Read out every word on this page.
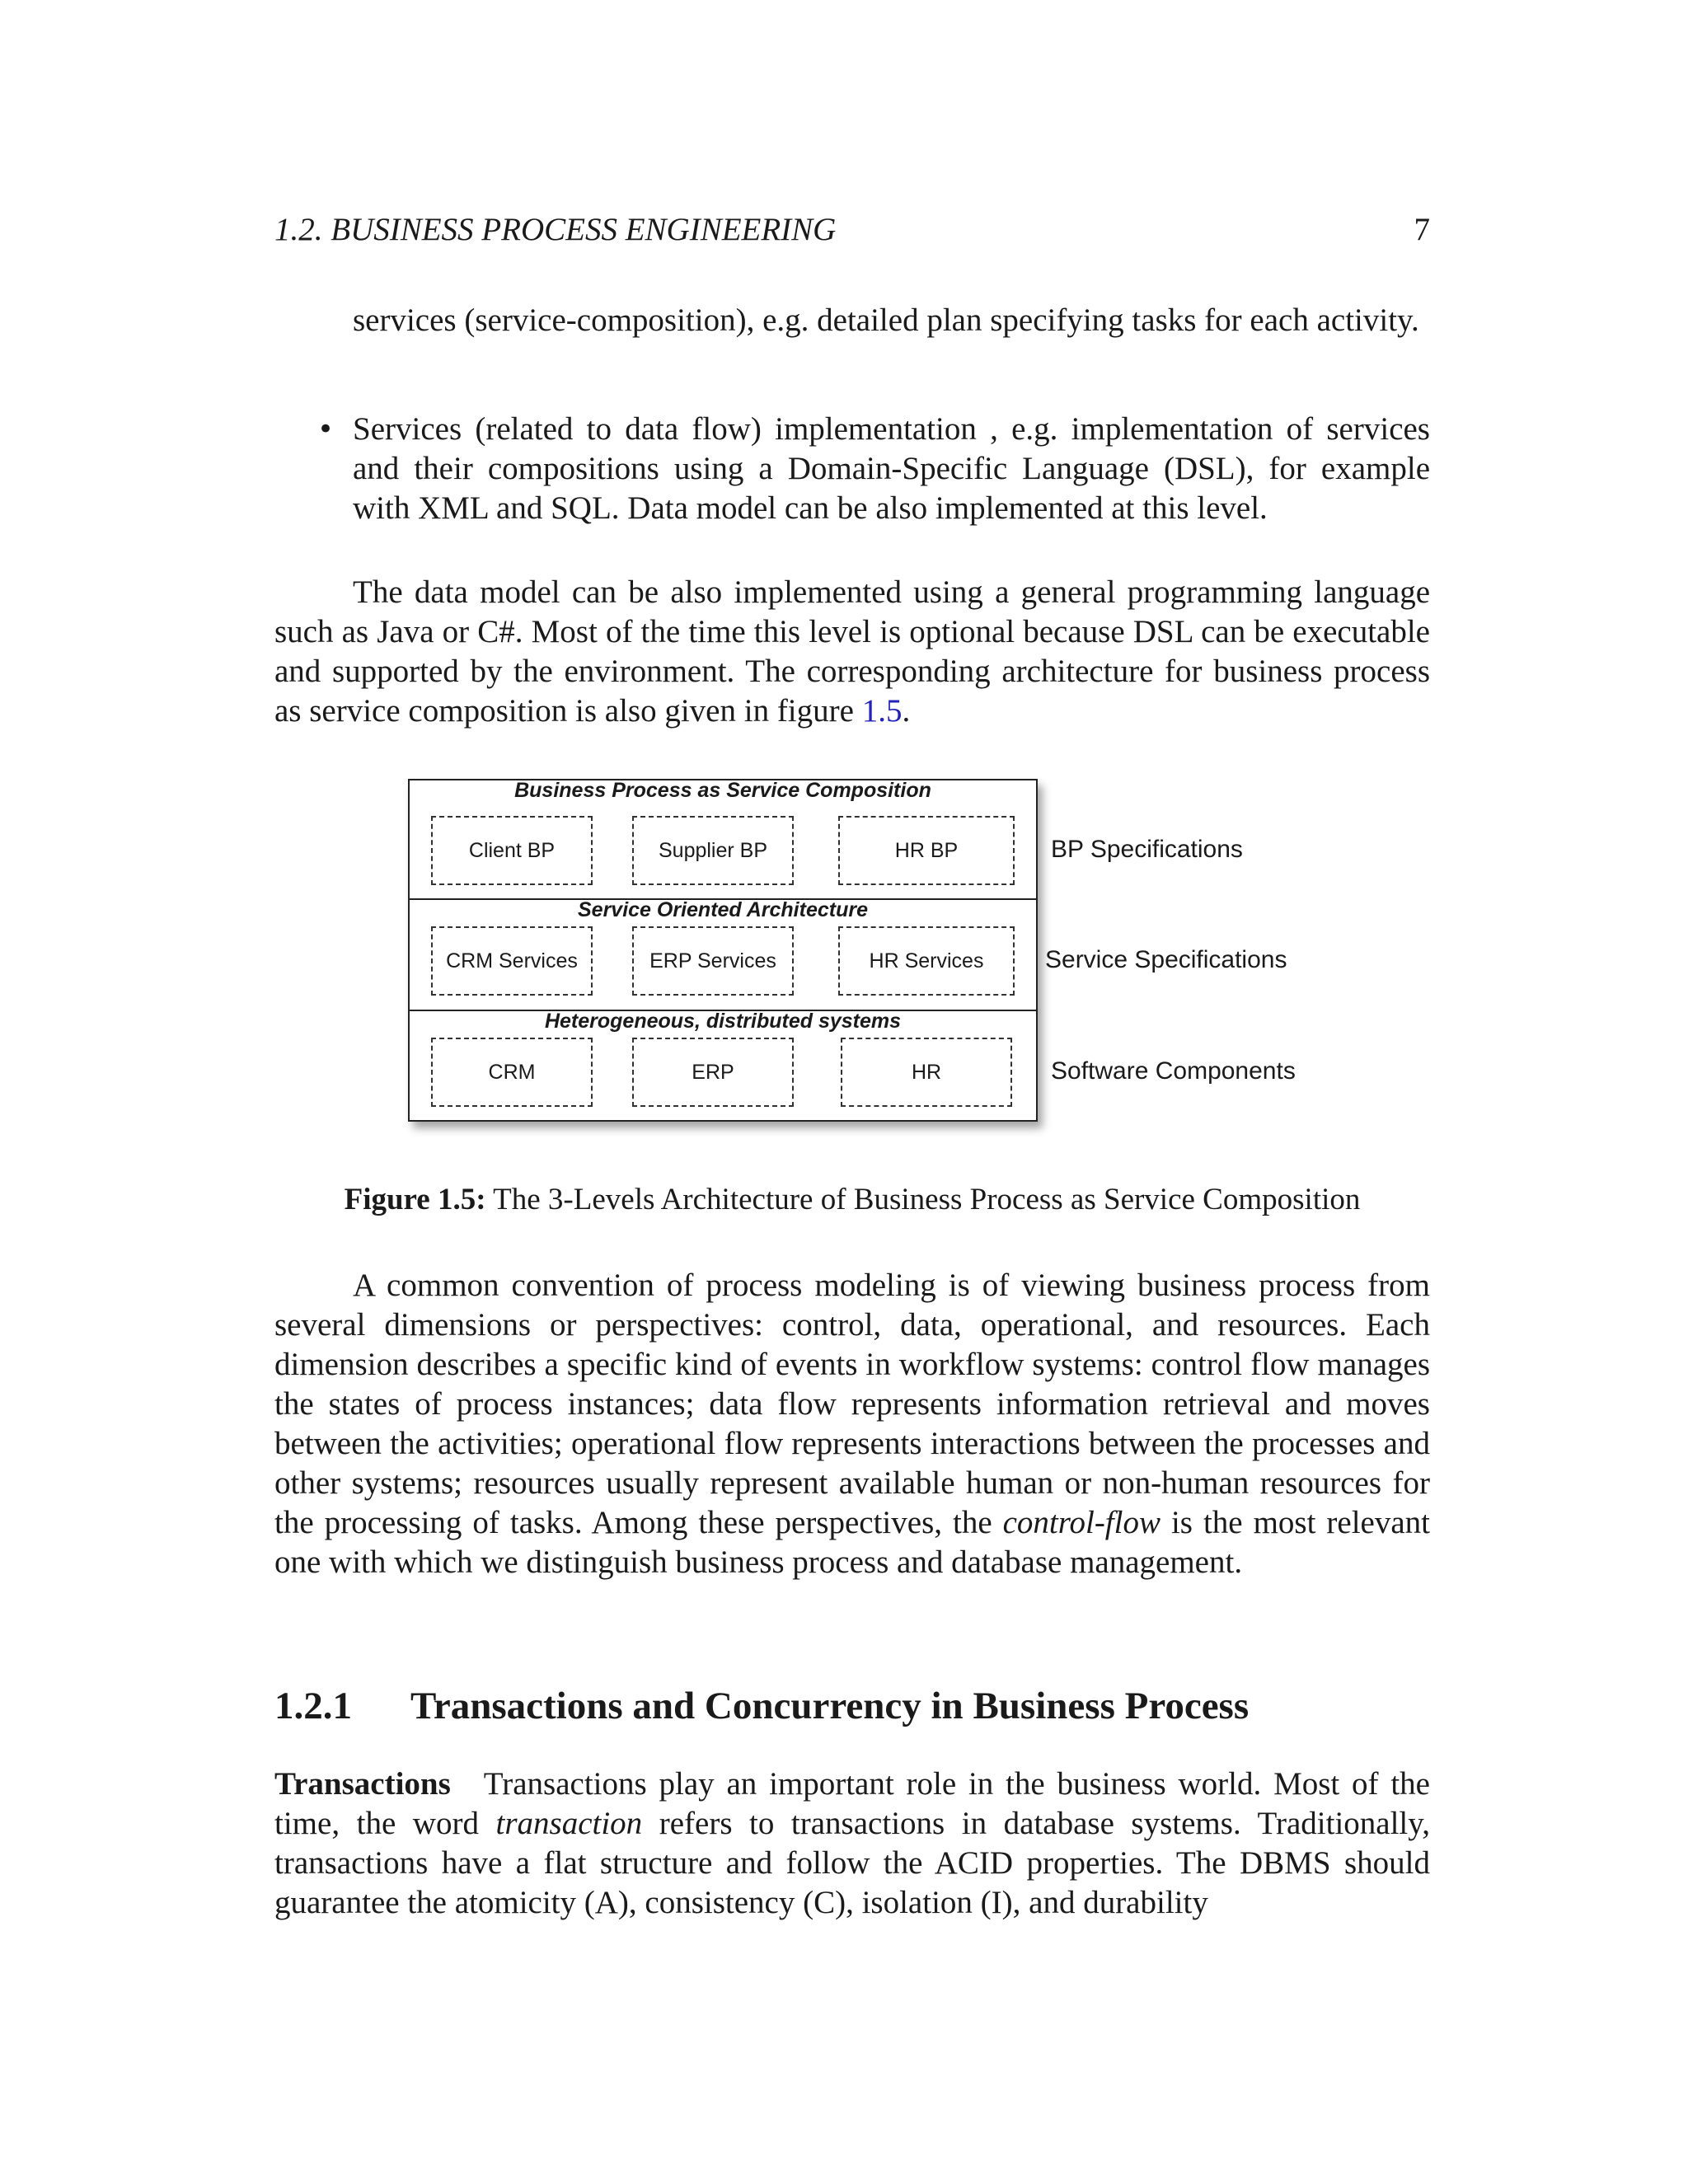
1.2. BUSINESS PROCESS ENGINEERING	7
services (service-composition), e.g. detailed plan specifying tasks for each activity.
• Services (related to data flow) implementation , e.g. implementation of services and their compositions using a Domain-Specific Language (DSL), for example with XML and SQL. Data model can be also implemented at this level.
The data model can be also implemented using a general programming language such as Java or C#. Most of the time this level is optional because DSL can be executable and supported by the environment. The corresponding architecture for business process as service composition is also given in figure 1.5.
Business Process as Service Composition
Client BP	Supplier BP	HR BP
Service Oriented Architecture
CRM Services	ERP Services	HR Services
Heterogeneous, distributed systems
CRM	ERP	HR
BP Specifications
Service Specifications
Software Components
Figure 1.5: The 3-Levels Architecture of Business Process as Service Composition
A common convention of process modeling is of viewing business process from several dimensions or perspectives: control, data, operational, and resources. Each dimension describes a specific kind of events in workflow systems: control flow manages the states of process instances; data flow represents information retrieval and moves between the activities; operational flow represents interactions between the processes and other systems; resources usually represent available human or non-human resources for the processing of tasks. Among these perspectives, the control-flow is the most relevant one with which we distinguish business process and database management.
1.2.1 Transactions and Concurrency in Business Process
Transactions Transactions play an important role in the business world. Most of the time, the word transaction refers to transactions in database systems. Traditionally, transactions have a flat structure and follow the ACID properties. The DBMS should guarantee the atomicity (A), consistency (C), isolation (I), and durability
